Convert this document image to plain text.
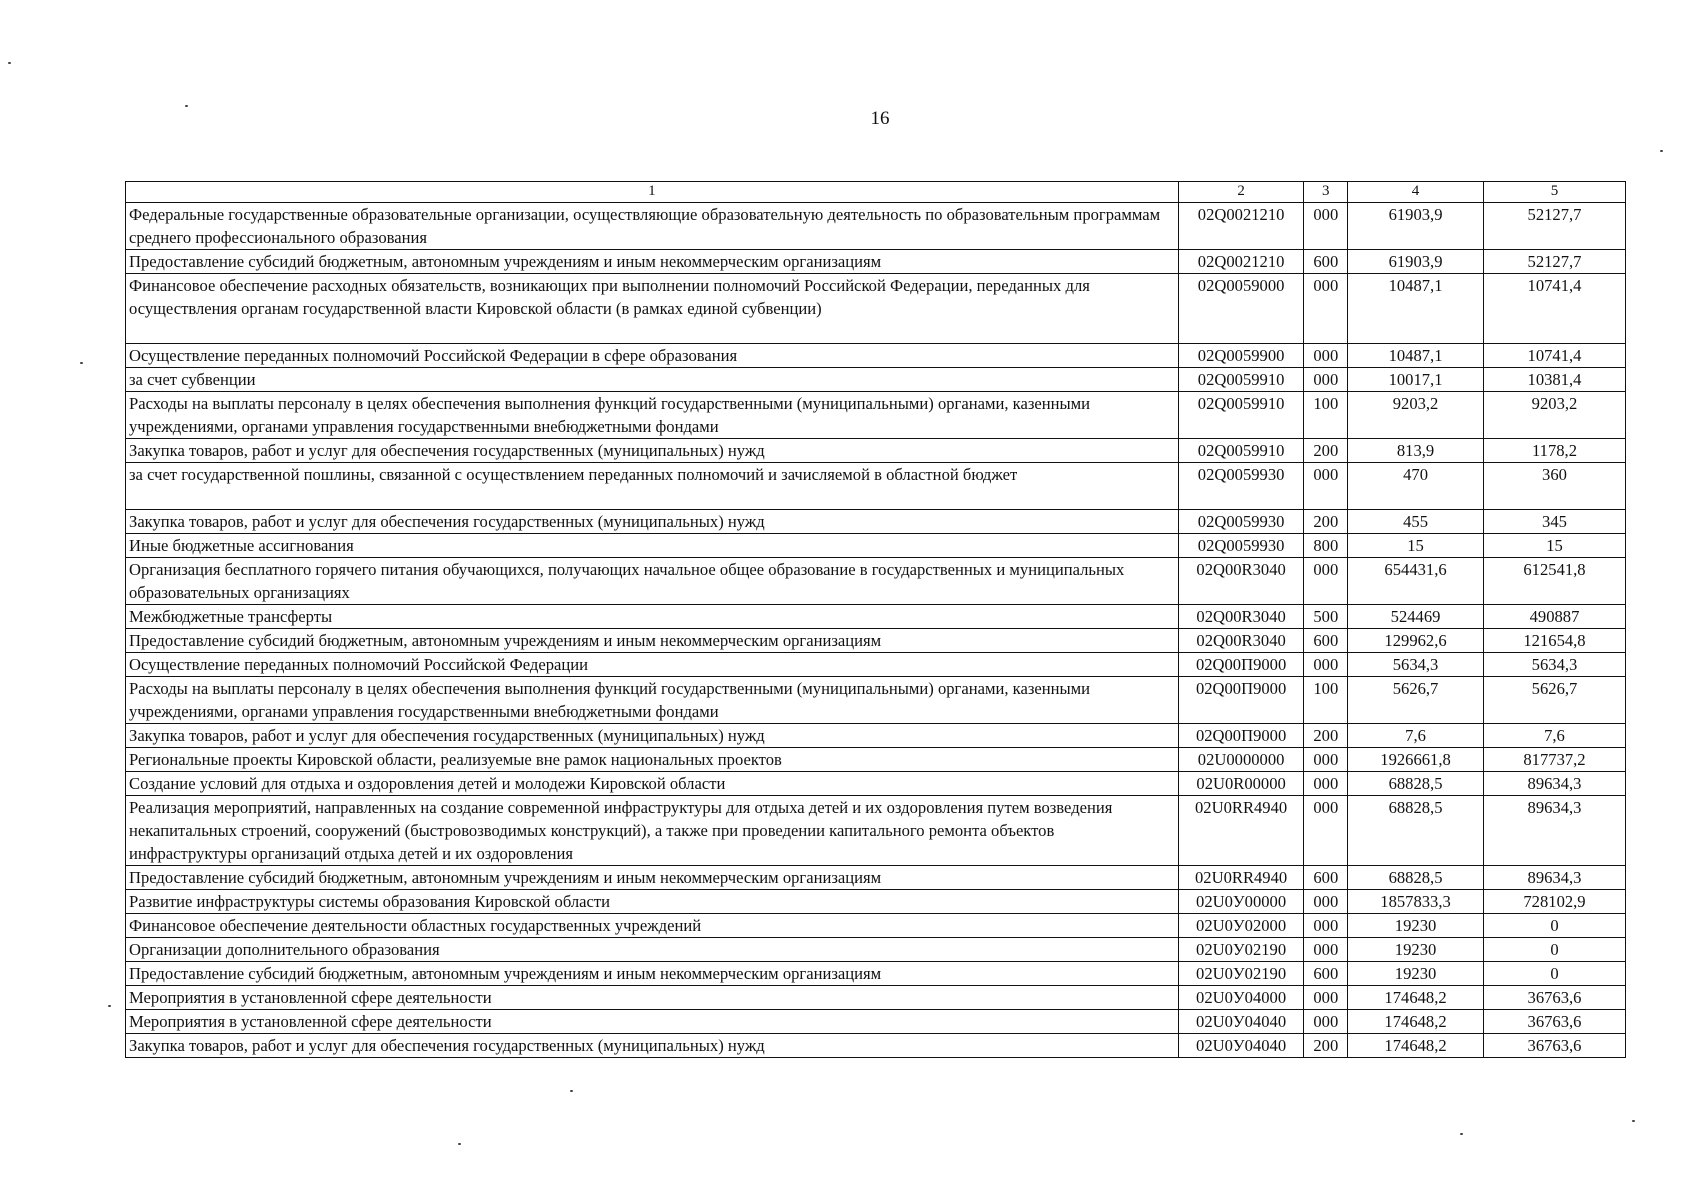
16
1	2	3	4	5
Федеральные государственные образовательные организации, осуществляющие образовательную деятельность по образовательным программам среднего профессионального образования	02Q0021210	000	61903,9	52127,7
Предоставление субсидий бюджетным, автономным учреждениям и иным некоммерческим организациям	02Q0021210	600	61903,9	52127,7
Финансовое обеспечение расходных обязательств, возникающих при выполнении полномочий Российской Федерации, переданных для осуществления органам государственной власти Кировской области (в рамках единой субвенции)	02Q0059000	000	10487,1	10741,4
Осуществление переданных полномочий Российской Федерации в сфере образования	02Q0059900	000	10487,1	10741,4
за счет субвенции	02Q0059910	000	10017,1	10381,4
Расходы на выплаты персоналу в целях обеспечения выполнения функций государственными (муниципальными) органами, казенными учреждениями, органами управления государственными внебюджетными фондами	02Q0059910	100	9203,2	9203,2
Закупка товаров, работ и услуг для обеспечения государственных (муниципальных) нужд	02Q0059910	200	813,9	1178,2
за счет государственной пошлины, связанной с осуществлением переданных полномочий и зачисляемой в областной бюджет	02Q0059930	000	470	360
Закупка товаров, работ и услуг для обеспечения государственных (муниципальных) нужд	02Q0059930	200	455	345
Иные бюджетные ассигнования	02Q0059930	800	15	15
Организация бесплатного горячего питания обучающихся, получающих начальное общее образование в государственных и муниципальных образовательных организациях	02Q00R3040	000	654431,6	612541,8
Межбюджетные трансферты	02Q00R3040	500	524469	490887
Предоставление субсидий бюджетным, автономным учреждениям и иным некоммерческим организациям	02Q00R3040	600	129962,6	121654,8
Осуществление переданных полномочий Российской Федерации	02Q00П9000	000	5634,3	5634,3
Расходы на выплаты персоналу в целях обеспечения выполнения функций государственными (муниципальными) органами, казенными учреждениями, органами управления государственными внебюджетными фондами	02Q00П9000	100	5626,7	5626,7
Закупка товаров, работ и услуг для обеспечения государственных (муниципальных) нужд	02Q00П9000	200	7,6	7,6
Региональные проекты Кировской области, реализуемые вне рамок национальных проектов	02U0000000	000	1926661,8	817737,2
Создание условий для отдыха и оздоровления детей и молодежи Кировской области	02U0R00000	000	68828,5	89634,3
Реализация мероприятий, направленных на создание современной инфраструктуры для отдыха детей и их оздоровления путем возведения некапитальных строений, сооружений (быстровозводимых конструкций), а также при проведении капитального ремонта объектов инфраструктуры организаций отдыха детей и их оздоровления	02U0RR4940	000	68828,5	89634,3
Предоставление субсидий бюджетным, автономным учреждениям и иным некоммерческим организациям	02U0RR4940	600	68828,5	89634,3
Развитие инфраструктуры системы образования Кировской области	02U0У00000	000	1857833,3	728102,9
Финансовое обеспечение деятельности областных государственных учреждений	02U0У02000	000	19230	0
Организации дополнительного образования	02U0У02190	000	19230	0
Предоставление субсидий бюджетным, автономным учреждениям и иным некоммерческим организациям	02U0У02190	600	19230	0
Мероприятия в установленной сфере деятельности	02U0У04000	000	174648,2	36763,6
Мероприятия в установленной сфере деятельности	02U0У04040	000	174648,2	36763,6
Закупка товаров, работ и услуг для обеспечения государственных (муниципальных) нужд	02U0У04040	200	174648,2	36763,6
